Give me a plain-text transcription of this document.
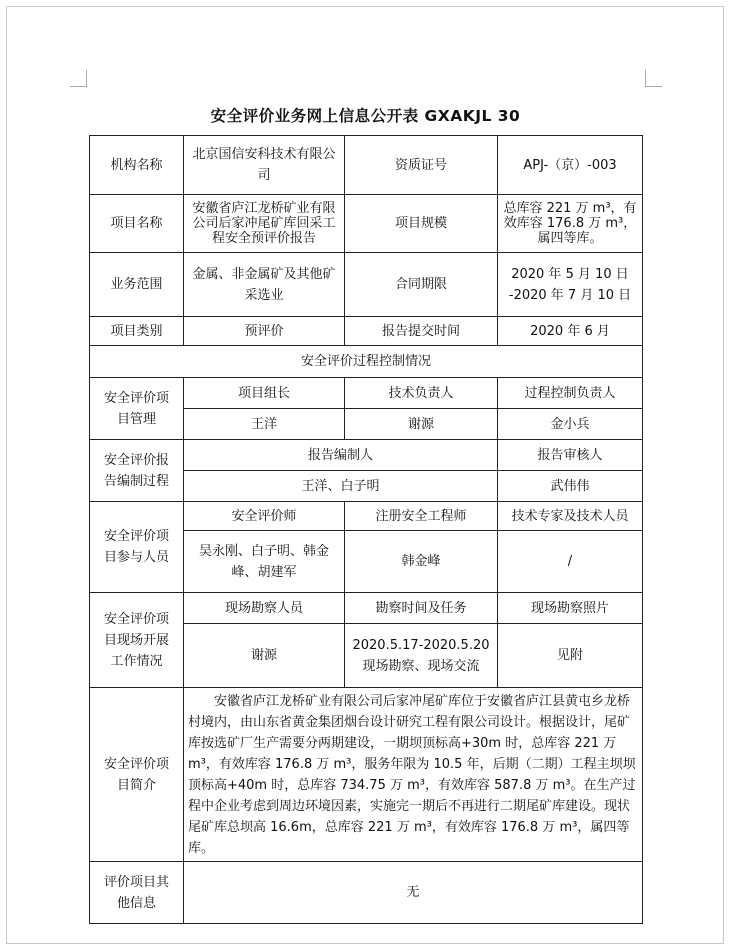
安全评价业务网上信息公开表 GXAKJL 30
机构名称	北京国信安科技术有限公司	资质证号	APJ-（京）-003
项目名称	安徽省庐江龙桥矿业有限公司后家冲尾矿库回采工程安全预评价报告	项目规模	总库容 221 万 m³，有效库容 176.8 万 m³，属四等库。
业务范围	金属、非金属矿及其他矿采选业	合同期限	2020 年 5 月 10 日
-2020 年 7 月 10 日

项目类别	预评价	报告提交时间	2020 年 6 月
安全评价过程控制情况			

安全评价项
目管理	项目组长	技术负责人	过程控制负责人
	王洋	谢源	金小兵

安全评价报
告编制过程	报告编制人		报告审核人
	王洋、白子明		武伟伟

安全评价项
目参与人员	安全评价师	注册安全工程师	技术专家及技术人员
	吴永刚、白子明、韩金峰、胡建军	韩金峰	/

安全评价项
目现场开展
工作情况	现场勘察人员	勘察时间及任务	现场勘察照片
	谢源	2020.5.17-2020.5.20
现场勘察、现场交流	见附

安全评价项
目简介	安徽省庐江龙桥矿业有限公司后家冲尾矿库位于安徽省庐江县黄屯乡龙桥村境内，由山东省黄金集团烟台设计研究工程有限公司设计。根据设计，尾矿库按选矿厂生产需要分两期建设，一期坝顶标高+30m 时，总库容 221 万 m³，有效库容 176.8 万 m³，服务年限为 10.5 年，后期（二期）工程主坝坝顶标高+40m 时，总库容 734.75 万 m³，有效库容 587.8 万 m³。在生产过程中企业考虑到周边环境因素，实施完一期后不再进行二期尾矿库建设。现状尾矿库总坝高 16.6m，总库容 221 万 m³，有效库容 176.8 万 m³，属四等库。		

评价项目其
他信息	无		
